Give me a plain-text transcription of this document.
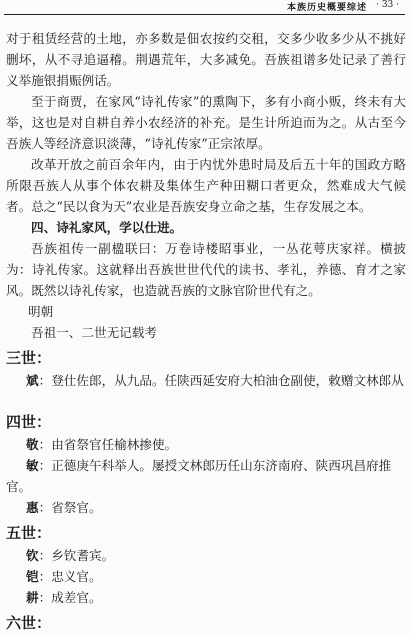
本族历史概要综述 · 33 ·

对于租赁经营的土地，亦多数是佃农按约交租，交多少收多少从不挑好删坏，从不寻追逼稽。荆遇荒年，大多减免。吾族祖谱多处记录了善行义举施银捐赈例话。

至于商贾，在家风“诗礼传家”的熏陶下，多有小商小贩，终未有大举，这也是对自耕自养小农经济的补充。是生计所迫而为之。从古至今吾族人等经济意识淡薄，“诗礼传家”正宗浓厚。

改革开放之前百余年内，由于内忧外患时局及后五十年的国政方略所限吾族人从事个体农耕及集体生产种田糊口者更众，然难成大气候者。总之“民以食为天”农业是吾族安身立命之基，生存发展之本。

四、诗礼家风，学以仕进。

吾族祖传一副楹联曰：万卷诗楼昭事业，一丛花萼庆家祥。横披为：诗礼传家。这就释出吾族世世代代的读书、孝礼，养德、育才之家风。既然以诗礼传家，也造就吾族的文脉官阶世代有之。

明朝

吾祖一、二世无记载考

三世：

斌：登仕佐郎，从九品。任陕西延安府大柏油仓副使，敕赠文林郎从

四世：

敬：由省祭官任榆林掺使。

敏：正德庚午科举人。屡授文林郎历任山东济南府、陕西巩昌府推官。

惠：省祭官。

五世：

钦：乡钦耆宾。

铠：忠义官。

耕：成差官。

六世：
